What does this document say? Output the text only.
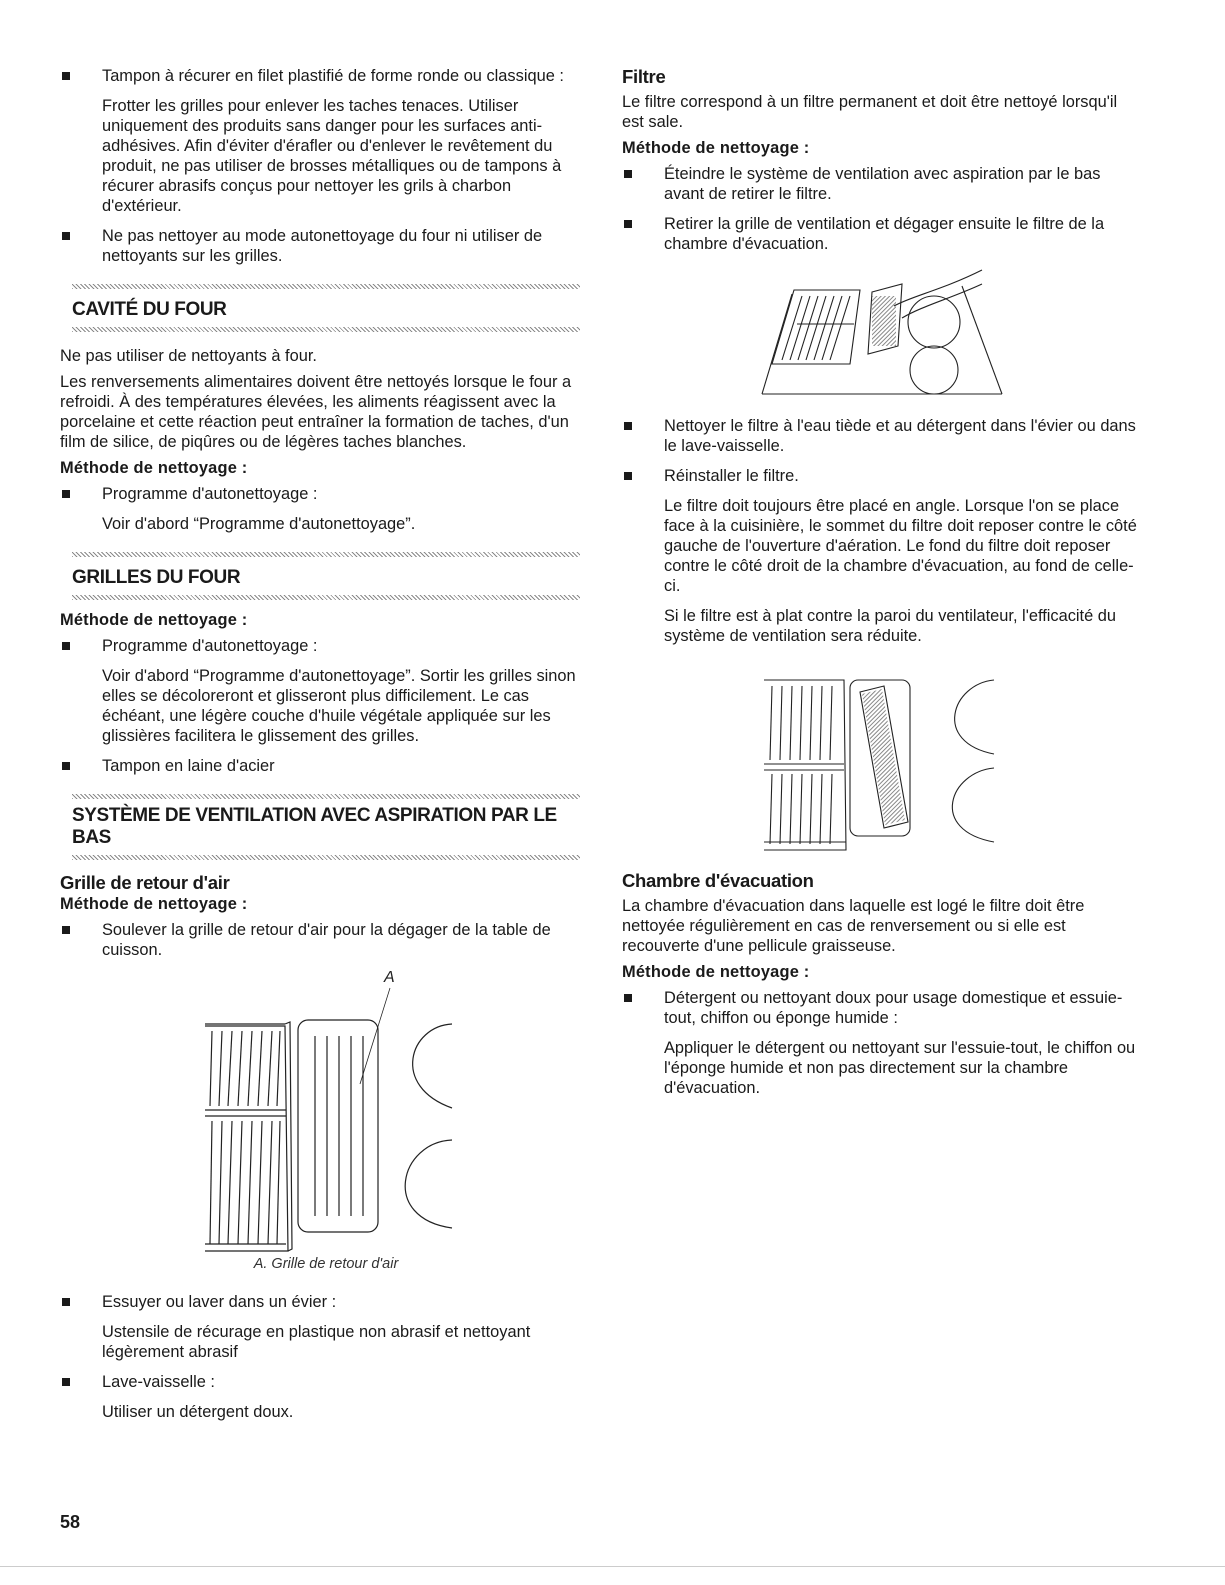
Tampon à récurer en filet plastifié de forme ronde ou classique :

Frotter les grilles pour enlever les taches tenaces. Utiliser uniquement des produits sans danger pour les surfaces anti-adhésives. Afin d'éviter d'érafler ou d'enlever le revêtement du produit, ne pas utiliser de brosses métalliques ou de tampons à récurer abrasifs conçus pour nettoyer les grils à charbon d'extérieur.

Ne pas nettoyer au mode autonettoyage du four ni utiliser de nettoyants sur les grilles.
CAVITÉ DU FOUR

Ne pas utiliser de nettoyants à four.

Les renversements alimentaires doivent être nettoyés lorsque le four a refroidi. À des températures élevées, les aliments réagissent avec la porcelaine et cette réaction peut entraîner la formation de taches, d'un film de silice, de piqûres ou de légères taches blanches.

Méthode de nettoyage :
Programme d'autonettoyage :

Voir d'abord “Programme d'autonettoyage”.

GRILLES DU FOUR
Méthode de nettoyage :
Programme d'autonettoyage :

Voir d'abord “Programme d'autonettoyage”. Sortir les grilles sinon elles se décoloreront et glisseront plus difficilement. Le cas échéant, une légère couche d'huile végétale appliquée sur les glissières facilitera le glissement des grilles.

Tampon en laine d'acier
SYSTÈME DE VENTILATION AVEC ASPIRATION PAR LE BAS
Grille de retour d'air
Méthode de nettoyage :
Soulever la grille de retour d'air pour la dégager de la table de cuisson.
A
A. Grille de retour d'air
Essuyer ou laver dans un évier :

Ustensile de récurage en plastique non abrasif et nettoyant légèrement abrasif

Lave-vaisselle :

Utiliser un détergent doux.

Filtre

Le filtre correspond à un filtre permanent et doit être nettoyé lorsqu'il est sale.

Méthode de nettoyage :
Éteindre le système de ventilation avec aspiration par le bas avant de retirer le filtre.
Retirer la grille de ventilation et dégager ensuite le filtre de la chambre d'évacuation.
Nettoyer le filtre à l'eau tiède et au détergent dans l'évier ou dans le lave-vaisselle.
Réinstaller le filtre.

Le filtre doit toujours être placé en angle. Lorsque l'on se place face à la cuisinière, le sommet du filtre doit reposer contre le côté gauche de l'ouverture d'aération. Le fond du filtre doit reposer contre le côté droit de la chambre d'évacuation, au fond de celle-ci.

Si le filtre est à plat contre la paroi du ventilateur, l'efficacité du système de ventilation sera réduite.

Chambre d'évacuation

La chambre d'évacuation dans laquelle est logé le filtre doit être nettoyée régulièrement en cas de renversement ou si elle est recouverte d'une pellicule graisseuse.

Méthode de nettoyage :
Détergent ou nettoyant doux pour usage domestique et essuie-tout, chiffon ou éponge humide :

Appliquer le détergent ou nettoyant sur l'essuie-tout, le chiffon ou l'éponge humide et non pas directement sur la chambre d'évacuation.

58
